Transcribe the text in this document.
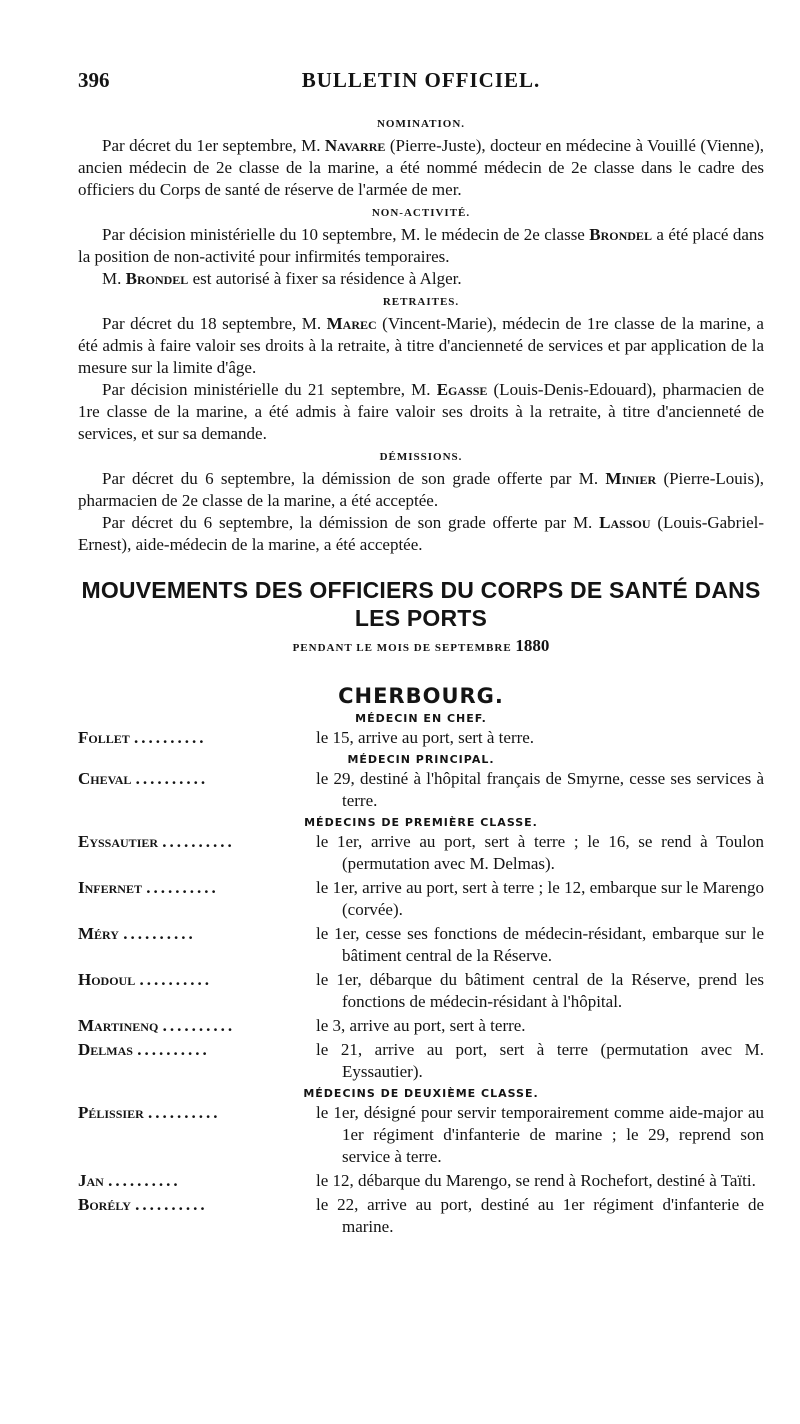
396	BULLETIN OFFICIEL.
NOMINATION.

Par décret du 1er septembre, M. Navarre (Pierre-Juste), docteur en médecine à Vouillé (Vienne), ancien médecin de 2e classe de la marine, a été nommé médecin de 2e classe dans le cadre des officiers du Corps de santé de réserve de l'armée de mer.

NON-ACTIVITÉ.

Par décision ministérielle du 10 septembre, M. le médecin de 2e classe Brondel a été placé dans la position de non-activité pour infirmités temporaires.

M. Brondel est autorisé à fixer sa résidence à Alger.

RETRAITES.

Par décret du 18 septembre, M. Marec (Vincent-Marie), médecin de 1re classe de la marine, a été admis à faire valoir ses droits à la retraite, à titre d'ancienneté de services et par application de la mesure sur la limite d'âge.

Par décision ministérielle du 21 septembre, M. Egasse (Louis-Denis-Edouard), pharmacien de 1re classe de la marine, a été admis à faire valoir ses droits à la retraite, à titre d'ancienneté de services, et sur sa demande.

DÉMISSIONS.

Par décret du 6 septembre, la démission de son grade offerte par M. Minier (Pierre-Louis), pharmacien de 2e classe de la marine, a été acceptée.

Par décret du 6 septembre, la démission de son grade offerte par M. Lassou (Louis-Gabriel-Ernest), aide-médecin de la marine, a été acceptée.

MOUVEMENTS DES OFFICIERS DU CORPS DE SANTÉ DANS LES PORTS
PENDANT LE MOIS DE SEPTEMBRE 1880
CHERBOURG.
MÉDECIN EN CHEF.
Follet ..........	le 15, arrive au port, sert à terre.
MÉDECIN PRINCIPAL.
Cheval ..........	le 29, destiné à l'hôpital français de Smyrne, cesse ses services à terre.
MÉDECINS DE PREMIÈRE CLASSE.
Eyssautier ..........	le 1er, arrive au port, sert à terre ; le 16, se rend à Toulon (permutation avec M. Delmas).
Infernet ..........	le 1er, arrive au port, sert à terre ; le 12, embarque sur le Marengo (corvée).
Méry ..........	le 1er, cesse ses fonctions de médecin-résidant, embarque sur le bâtiment central de la Réserve.
Hodoul ..........	le 1er, débarque du bâtiment central de la Réserve, prend les fonctions de médecin-résidant à l'hôpital.
Martinenq ..........	le 3, arrive au port, sert à terre.
Delmas ..........	le 21, arrive au port, sert à terre (permutation avec M. Eyssautier).
MÉDECINS DE DEUXIÈME CLASSE.
Pélissier ..........	le 1er, désigné pour servir temporairement comme aide-major au 1er régiment d'infanterie de marine ; le 29, reprend son service à terre.
Jan ..........	le 12, débarque du Marengo, se rend à Rochefort, destiné à Taïti.
Borély ..........	le 22, arrive au port, destiné au 1er régiment d'infanterie de marine.
